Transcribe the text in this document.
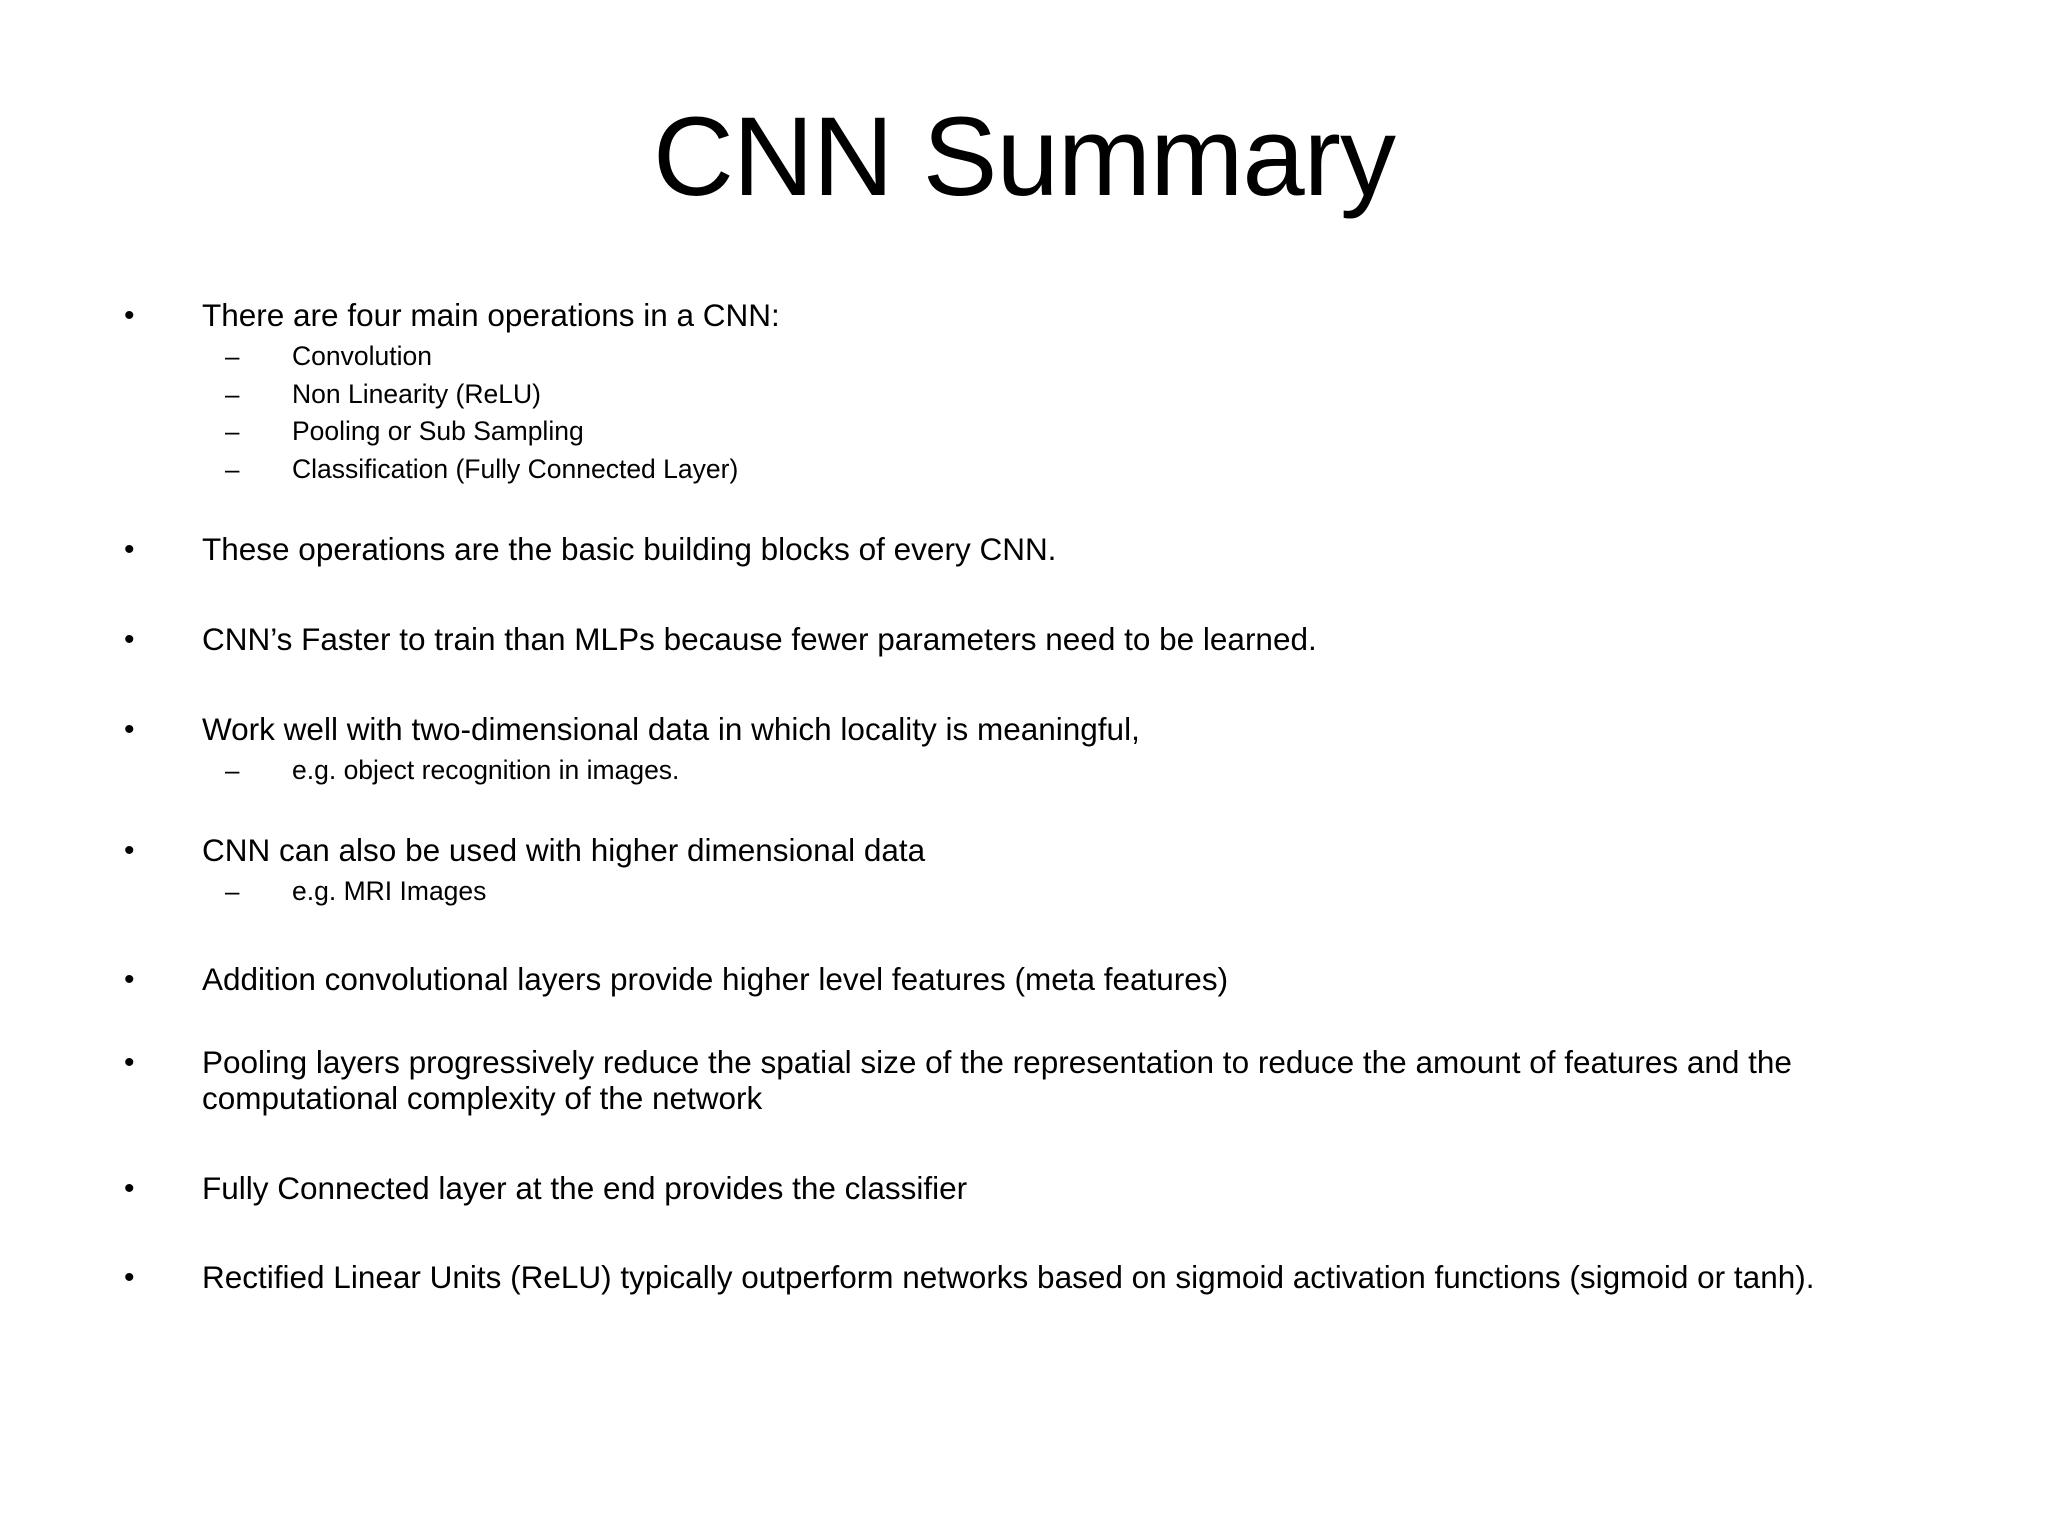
CNN Summary
• There are four main operations in a CNN:
– Convolution
– Non Linearity (ReLU)
– Pooling or Sub Sampling
– Classification (Fully Connected Layer)
• These operations are the basic building blocks of every CNN.
• CNN’s Faster to train than MLPs because fewer parameters need to be learned.
• Work well with two-dimensional data in which locality is meaningful,
– e.g. object recognition in images.
• CNN can also be used with higher dimensional data
– e.g. MRI Images
• Addition convolutional layers provide higher level features (meta features)
• Pooling layers progressively reduce the spatial size of the representation to reduce the amount of features and the computational complexity of the network
• Fully Connected layer at the end provides the classifier
• Rectified Linear Units (ReLU) typically outperform networks based on sigmoid activation functions (sigmoid or tanh).
